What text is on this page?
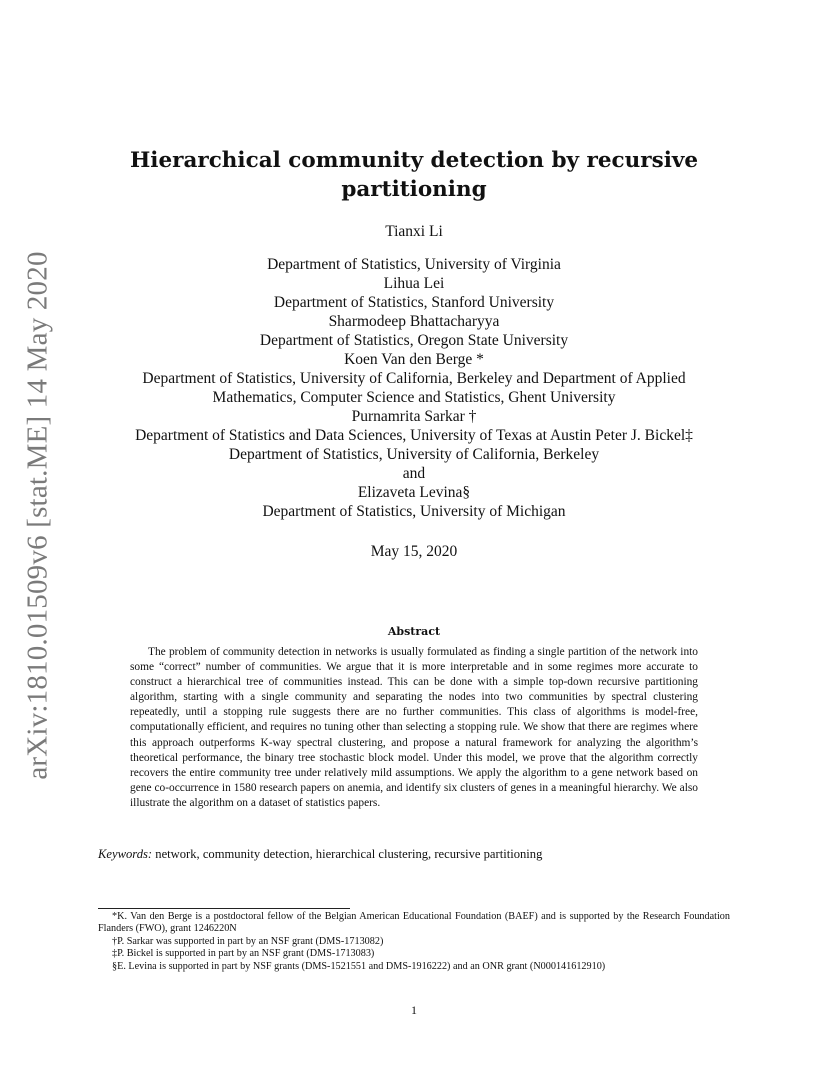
arXiv:1810.01509v6 [stat.ME] 14 May 2020
Hierarchical community detection by recursive partitioning
Tianxi Li
Department of Statistics, University of Virginia
Lihua Lei
Department of Statistics, Stanford University
Sharmodeep Bhattacharyya
Department of Statistics, Oregon State University
Koen Van den Berge *
Department of Statistics, University of California, Berkeley and Department of Applied
Mathematics, Computer Science and Statistics, Ghent University
Purnamrita Sarkar †
Department of Statistics and Data Sciences, University of Texas at Austin Peter J. Bickel‡
Department of Statistics, University of California, Berkeley
and
Elizaveta Levina§
Department of Statistics, University of Michigan
May 15, 2020
Abstract

The problem of community detection in networks is usually formulated as finding a single partition of the network into some “correct” number of communities. We argue that it is more interpretable and in some regimes more accurate to construct a hierarchical tree of communities instead. This can be done with a simple top-down recursive partitioning algorithm, starting with a single community and separating the nodes into two communities by spectral clustering repeatedly, until a stopping rule suggests there are no further communities. This class of algorithms is model-free, computationally efficient, and requires no tuning other than selecting a stopping rule. We show that there are regimes where this approach outperforms K-way spectral clustering, and propose a natural framework for analyzing the algorithm’s theoretical performance, the binary tree stochastic block model. Under this model, we prove that the algorithm correctly recovers the entire community tree under relatively mild assumptions. We apply the algorithm to a gene network based on gene co-occurrence in 1580 research papers on anemia, and identify six clusters of genes in a meaningful hierarchy. We also illustrate the algorithm on a dataset of statistics papers.

Keywords: network, community detection, hierarchical clustering, recursive partitioning

*K. Van den Berge is a postdoctoral fellow of the Belgian American Educational Foundation (BAEF) and is supported by the Research Foundation Flanders (FWO), grant 1246220N

†P. Sarkar was supported in part by an NSF grant (DMS-1713082)

‡P. Bickel is supported in part by an NSF grant (DMS-1713083)

§E. Levina is supported in part by NSF grants (DMS-1521551 and DMS-1916222) and an ONR grant (N000141612910)

1
